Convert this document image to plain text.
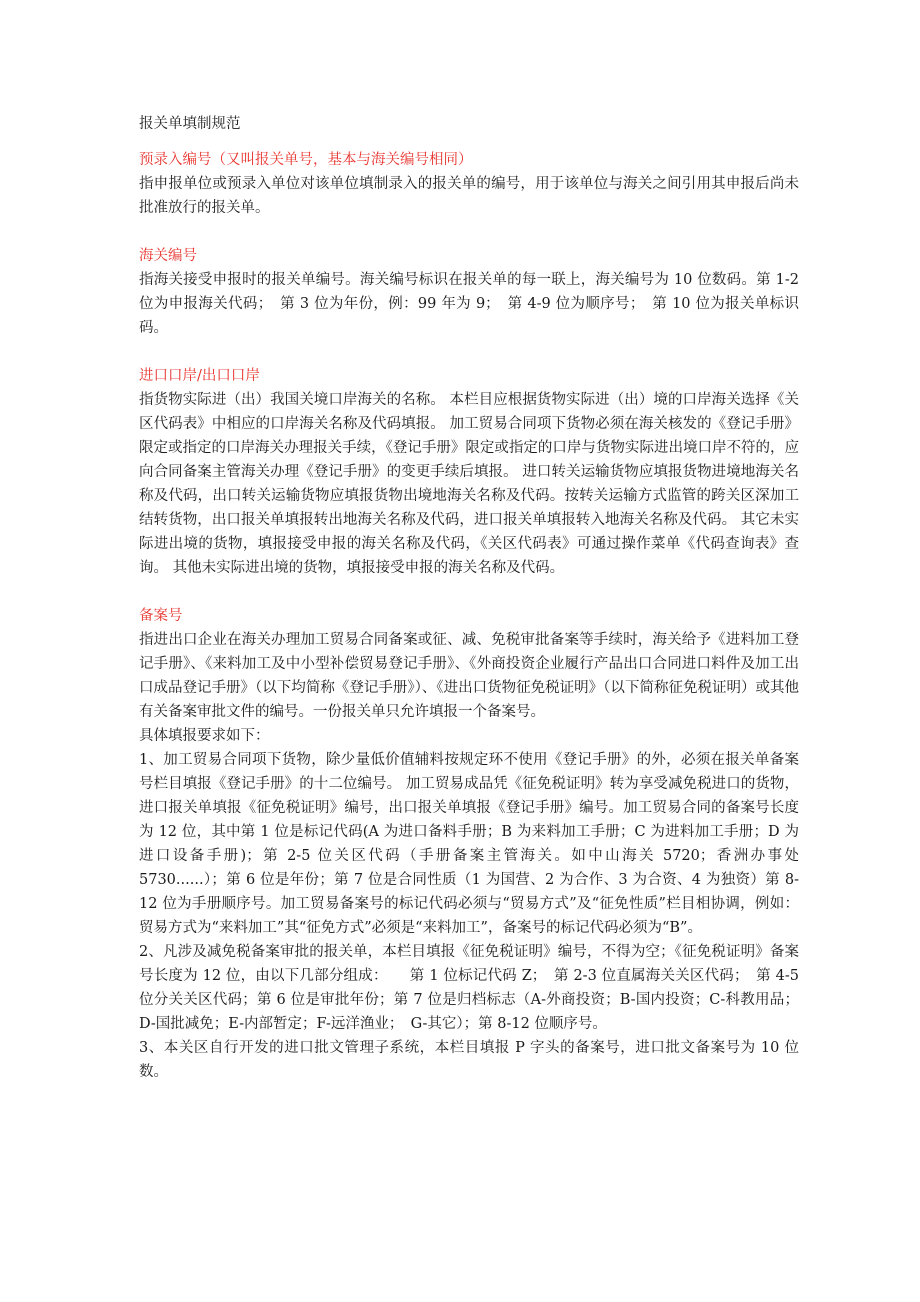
报关单填制规范

预录入编号（又叫报关单号，基本与海关编号相同）

指申报单位或预录入单位对该单位填制录入的报关单的编号，用于该单位与海关之间引用其申报后尚未批准放行的报关单。

海关编号

指海关接受申报时的报关单编号。海关编号标识在报关单的每一联上，海关编号为 10 位数码。第 1-2 位为申报海关代码；　第 3 位为年份，例：99 年为 9；　第 4-9 位为顺序号；　第 10 位为报关单标识码。

进口口岸/出口口岸

指货物实际进（出）我国关境口岸海关的名称。 本栏目应根据货物实际进（出）境的口岸海关选择《关区代码表》中相应的口岸海关名称及代码填报。 加工贸易合同项下货物必须在海关核发的《登记手册》限定或指定的口岸海关办理报关手续，《登记手册》限定或指定的口岸与货物实际进出境口岸不符的，应向合同备案主管海关办理《登记手册》的变更手续后填报。 进口转关运输货物应填报货物进境地海关名称及代码，出口转关运输货物应填报货物出境地海关名称及代码。按转关运输方式监管的跨关区深加工结转货物，出口报关单填报转出地海关名称及代码，进口报关单填报转入地海关名称及代码。 其它未实际进出境的货物，填报接受申报的海关名称及代码，《关区代码表》可通过操作菜单《代码查询表》查询。 其他未实际进出境的货物，填报接受申报的海关名称及代码。

备案号

指进出口企业在海关办理加工贸易合同备案或征、减、免税审批备案等手续时，海关给予《进料加工登记手册》、《来料加工及中小型补偿贸易登记手册》、《外商投资企业履行产品出口合同进口料件及加工出口成品登记手册》（以下均简称《登记手册》）、《进出口货物征免税证明》（以下简称征免税证明）或其他有关备案审批文件的编号。一份报关单只允许填报一个备案号。

具体填报要求如下：

1、加工贸易合同项下货物，除少量低价值辅料按规定环不使用《登记手册》的外，必须在报关单备案号栏目填报《登记手册》的十二位编号。 加工贸易成品凭《征免税证明》转为享受减免税进口的货物，进口报关单填报《征免税证明》编号，出口报关单填报《登记手册》编号。加工贸易合同的备案号长度为 12 位，其中第 1 位是标记代码(A 为进口备料手册；B 为来料加工手册；C 为进料加工手册；D 为进口设备手册)；第 2-5 位关区代码（手册备案主管海关。如中山海关 5720；香洲办事处 5730......）；第 6 位是年份；第 7 位是合同性质（1 为国营、2 为合作、3 为合资、4 为独资）第 8-12 位为手册顺序号。加工贸易备案号的标记代码必须与“贸易方式”及“征免性质”栏目相协调，例如：贸易方式为“来料加工”其“征免方式”必须是“来料加工”，备案号的标记代码必须为“B”。

2、凡涉及减免税备案审批的报关单，本栏目填报《征免税证明》编号，不得为空；《征免税证明》备案号长度为 12 位，由以下几部分组成：　　第 1 位标记代码 Z；　第 2-3 位直属海关关区代码；　第 4-5 位分关关区代码；第 6 位是审批年份；第 7 位是归档标志（A-外商投资；B-国内投资；C-科教用品；D-国批减免；E-内部暂定；F-远洋渔业；　G-其它）；第 8-12 位顺序号。

3、本关区自行开发的进口批文管理子系统，本栏目填报 P 字头的备案号，进口批文备案号为 10 位数。
